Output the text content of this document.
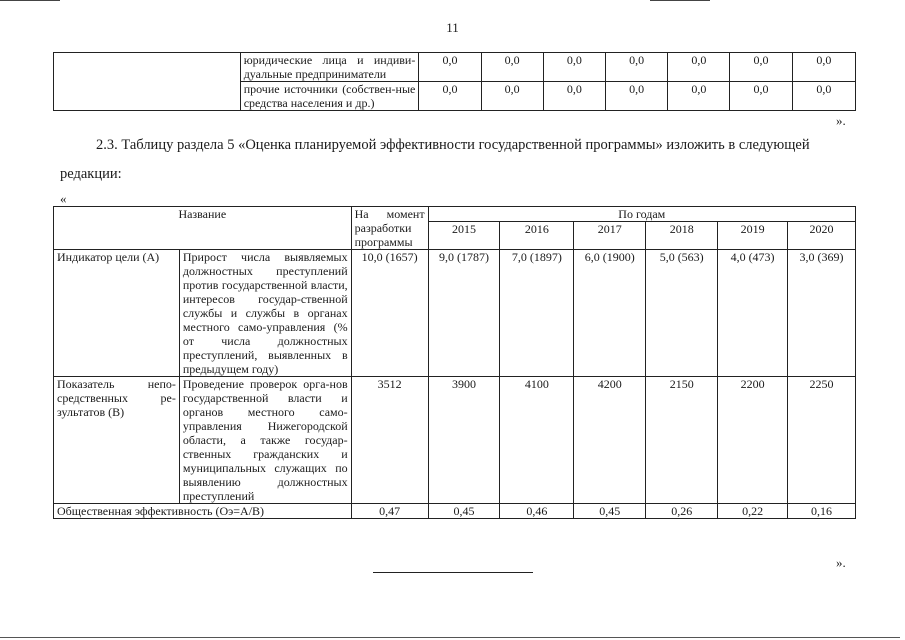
11
	юридические лица и индиви-дуальные предприниматели	0,0	0,0	0,0	0,0	0,0	0,0	0,0
	прочие источники (собствен-ные средства населения и др.)	0,0	0,0	0,0	0,0	0,0	0,0	0,0
».
2.3. Таблицу раздела 5 «Оценка планируемой эффективности государственной программы» изложить в следующей
редакции:
«
Название		На момент разработки программы	По годам					
			2015	2016	2017	2018	2019	2020
Индикатор цели (А)	Прирост числа выявляемых должностных преступлений против государственной власти, интересов государ-ственной службы и службы в органах местного само-управления (% от числа должностных преступлений, выявленных в предыдущем году)	10,0 (1657)	9,0 (1787)	7,0 (1897)	6,0 (1900)	5,0 (563)	4,0 (473)	3,0 (369)
Показатель непо-средственных ре-зультатов (В)	Проведение проверок орга-нов государственной власти и органов местного само-управления Нижегородской области, а также государ-ственных гражданских и муниципальных служащих по выявлению должностных преступлений	3512	3900	4100	4200	2150	2200	2250
Общественная эффективность (Оэ=А/В)		0,47	0,45	0,46	0,45	0,26	0,22	0,16
».
